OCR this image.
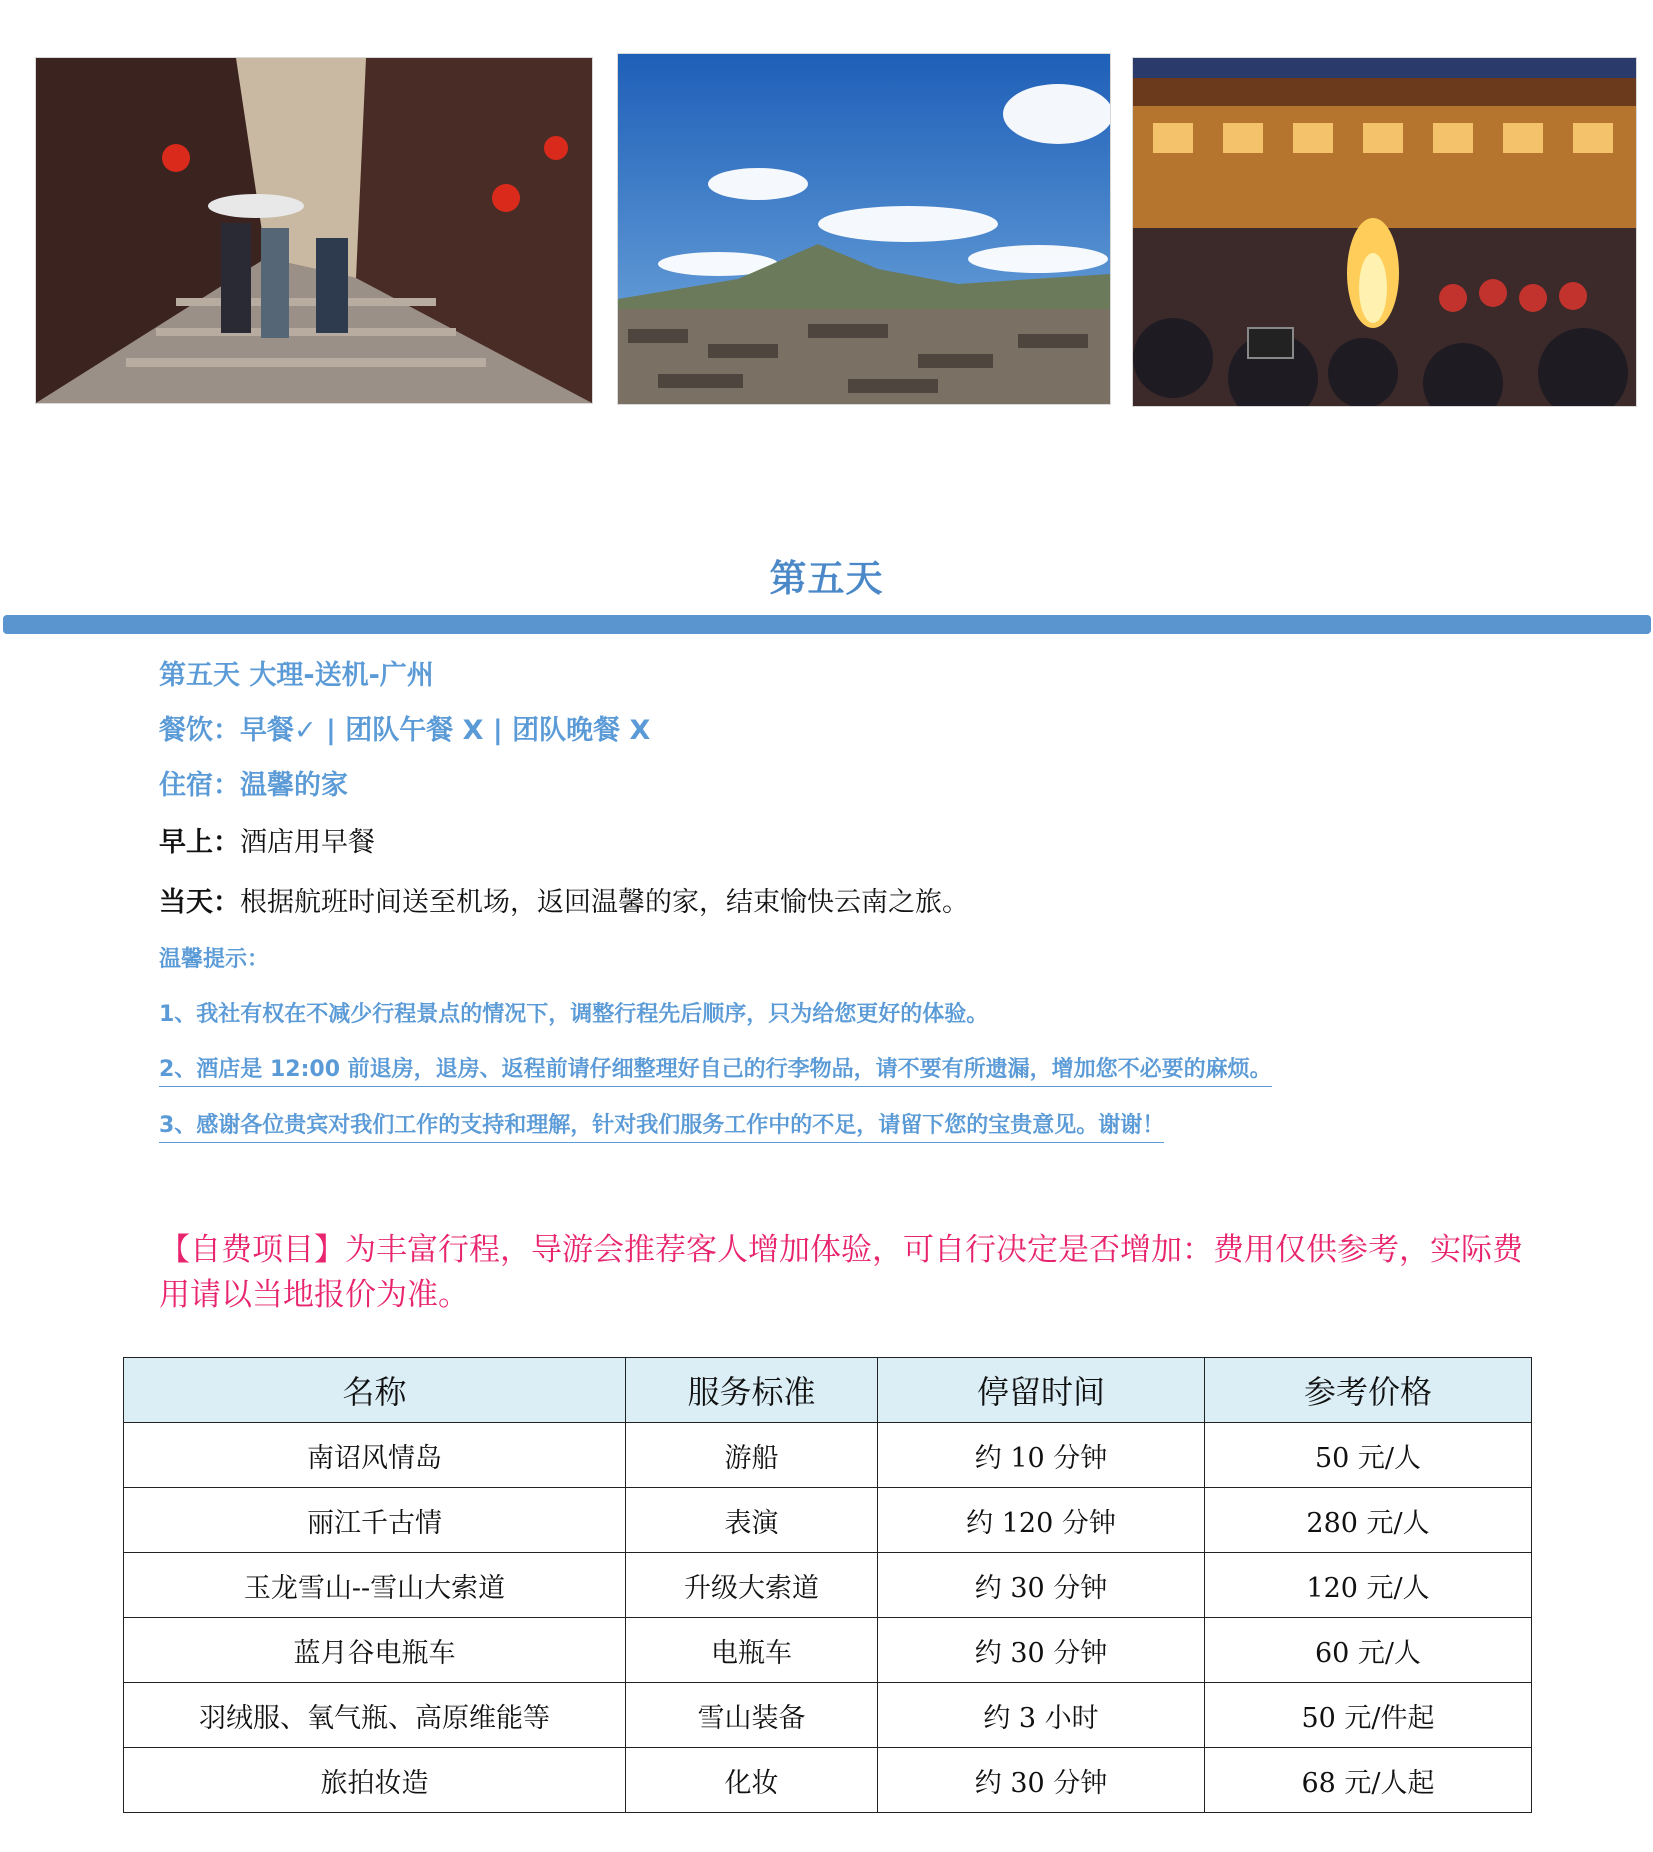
第五天
第五天 大理-送机-广州
餐饮：早餐✓ | 团队午餐 X | 团队晚餐 X
住宿：温馨的家
早上：酒店用早餐
当天：根据航班时间送至机场，返回温馨的家，结束愉快云南之旅。
温馨提示：
1、我社有权在不减少行程景点的情况下，调整行程先后顺序，只为给您更好的体验。
2、酒店是 12:00 前退房，退房、返程前请仔细整理好自己的行李物品，请不要有所遗漏，增加您不必要的麻烦。
3、感谢各位贵宾对我们工作的支持和理解，针对我们服务工作中的不足，请留下您的宝贵意见。谢谢！
【自费项目】为丰富行程，导游会推荐客人增加体验，可自行决定是否增加：费用仅供参考，实际费用请以当地报价为准。
名称	服务标准	停留时间	参考价格
南诏风情岛	游船	约 10 分钟	50 元/人
丽江千古情	表演	约 120 分钟	280 元/人
玉龙雪山--雪山大索道	升级大索道	约 30 分钟	120 元/人
蓝月谷电瓶车	电瓶车	约 30 分钟	60 元/人
羽绒服、氧气瓶、高原维能等	雪山装备	约 3 小时	50 元/件起
旅拍妆造	化妆	约 30 分钟	68 元/人起
